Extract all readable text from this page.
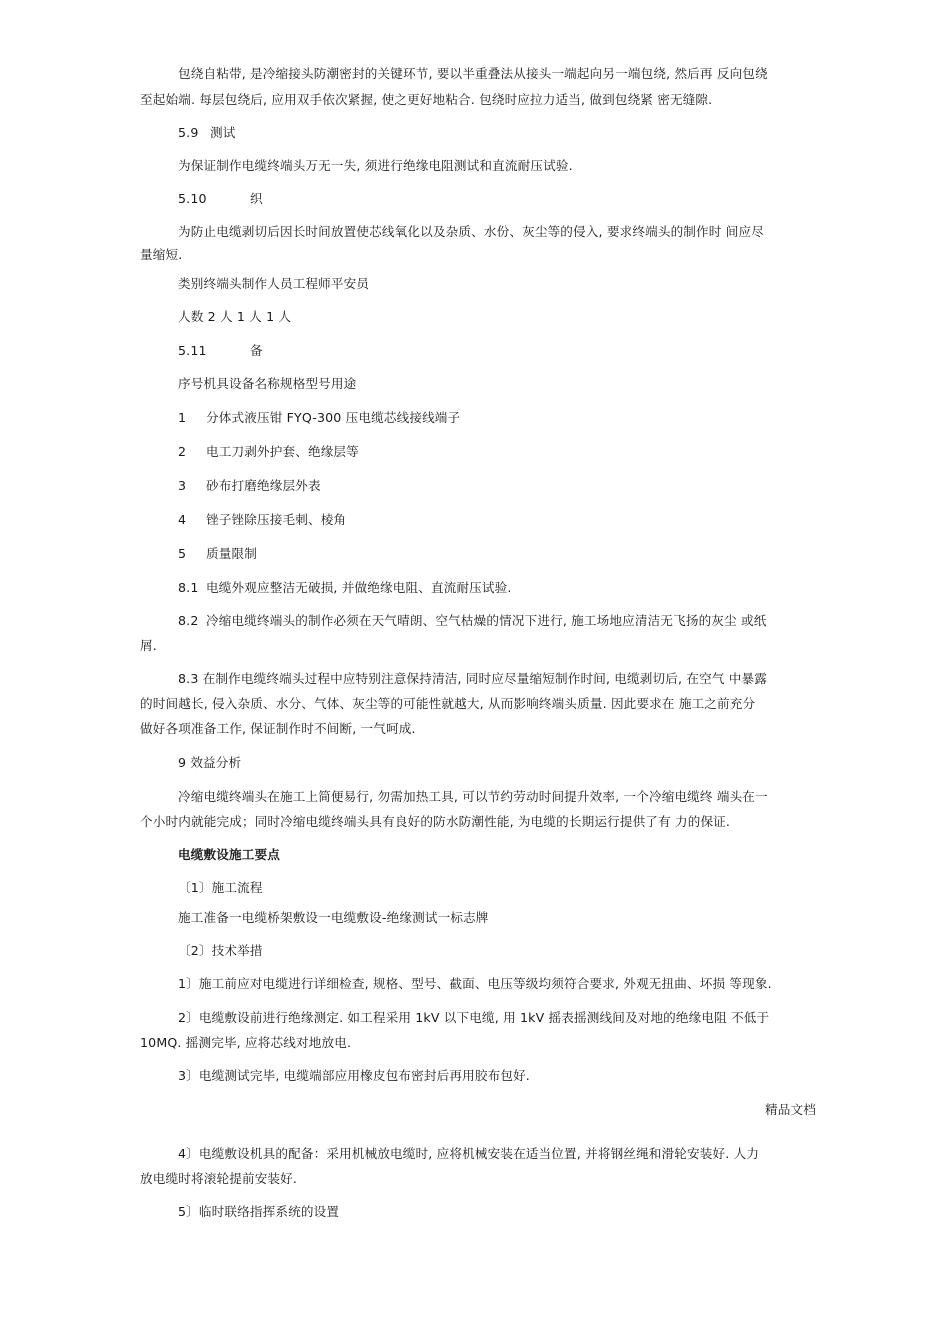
包绕自粘带, 是冷缩接头防潮密封的关键环节, 要以半重叠法从接头一端起向另一端包绕, 然后再 反向包绕

至起始端. 每层包绕后, 应用双手依次紧握, 使之更好地粘合. 包绕时应拉力适当, 做到包绕紧 密无缝隙.

5.9 测试

为保证制作电缆终端头万无一失, 须进行绝缘电阻测试和直流耐压试验.

5.10	织

为防止电缆剥切后因长时间放置使芯线氧化以及杂质、水份、灰尘等的侵入, 要求终端头的制作时 间应尽

量缩短.

类别终端头制作人员工程师平安员

人数 2 人 1 人 1 人

5.11	备

序号机具设备名称规格型号用途

1 分体式液压钳 FYQ-300 压电缆芯线接线端子

2 电工刀剥外护套、绝缘层等

3 砂布打磨绝缘层外表

4 锉子锉除压接毛刺、棱角

5 质量限制

8.1 电缆外观应整洁无破损, 并做绝缘电阻、直流耐压试验.

8.2 冷缩电缆终端头的制作必须在天气晴朗、空气枯燥的情况下进行, 施工场地应清洁无飞扬的灰尘 或纸

屑.

8.3 在制作电缆终端头过程中应特别注意保持清洁, 同时应尽量缩短制作时间, 电缆剥切后, 在空气 中暴露

的时间越长, 侵入杂质、水分、气体、灰尘等的可能性就越大, 从而影响终端头质量. 因此要求在 施工之前充分

做好各项准备工作, 保证制作时不间断, 一气呵成.

9 效益分析

冷缩电缆终端头在施工上简便易行, 勿需加热工具, 可以节约劳动时间提升效率, 一个冷缩电缆终 端头在一

个小时内就能完成；同时冷缩电缆终端头具有良好的防水防潮性能, 为电缆的长期运行提供了有 力的保证.

电缆敷设施工要点

〔1〕施工流程

施工准备一电缆桥架敷设一电缆敷设-绝缘测试一标志牌

〔2〕技术举措

1〕施工前应对电缆进行详细检查, 规格、型号、截面、电压等级均须符合要求, 外观无扭曲、坏损 等现象.

2〕电缆敷设前进行绝缘测定. 如工程采用 1kV 以下电缆, 用 1kV 摇表摇测线间及对地的绝缘电阻 不低于

10MQ. 摇测完毕, 应将芯线对地放电.

3〕电缆测试完毕, 电缆端部应用橡皮包布密封后再用胶布包好.

精品文档

4〕电缆敷设机具的配备：采用机械放电缆时, 应将机械安装在适当位置, 并将钢丝绳和滑轮安装好. 人力

放电缆时将滚轮提前安装好.

5〕临时联络指挥系统的设置
